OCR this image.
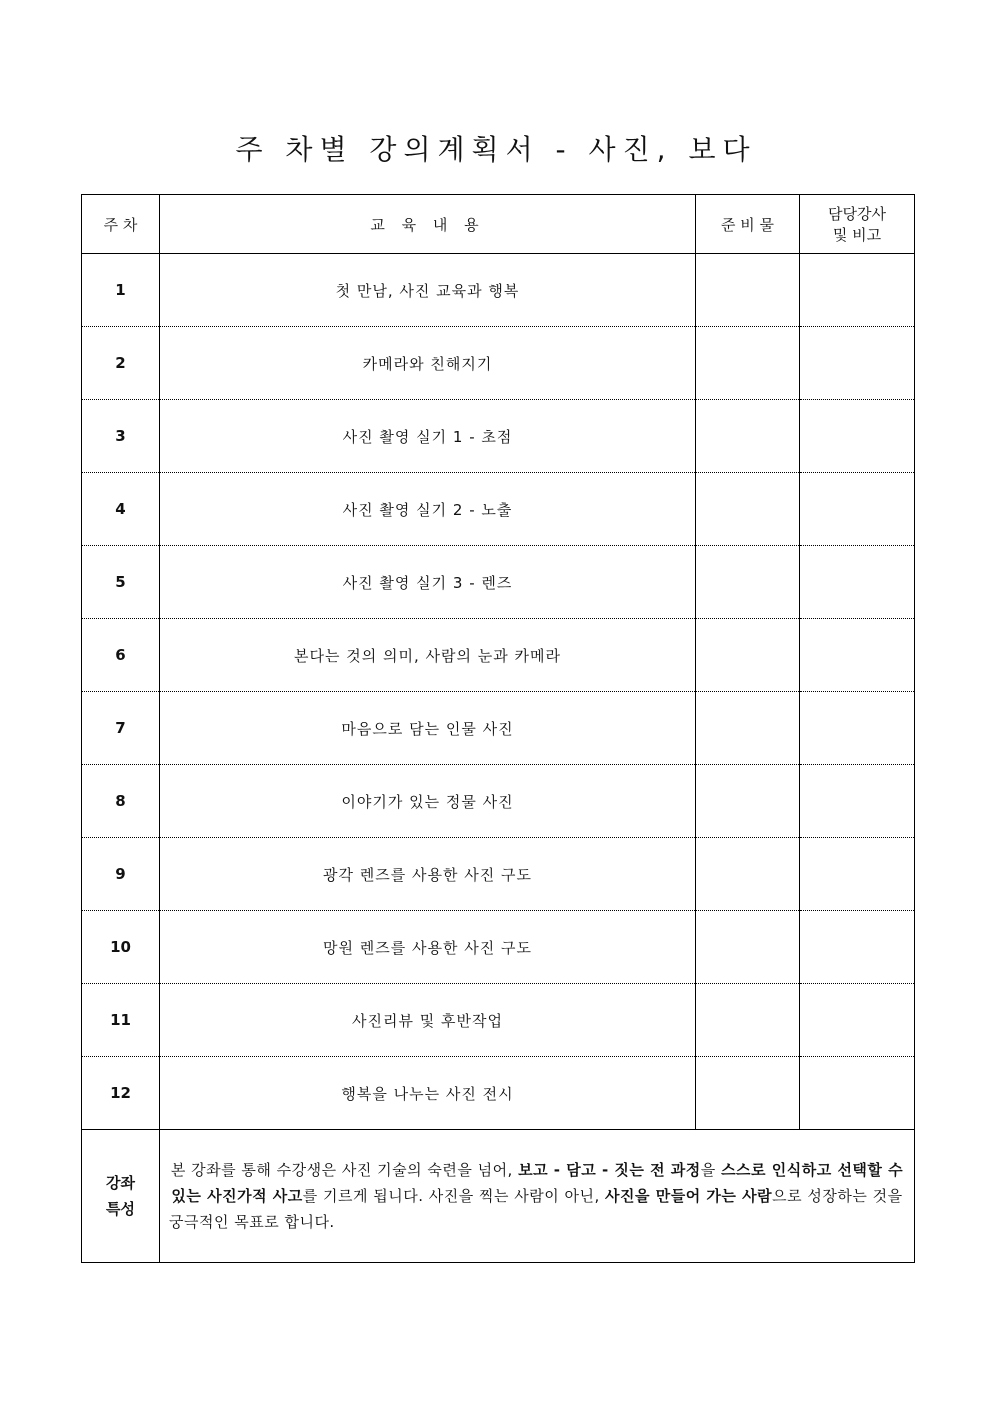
주 차별 강의계획서 - 사진, 보다
주 차	교 육 내 용	준 비 물	담당강사
및 비고

1	첫 만남, 사진 교육과 행복		
2	카메라와 친해지기		
3	사진 촬영 실기 1 - 초점		
4	사진 촬영 실기 2 - 노출		
5	사진 촬영 실기 3 - 렌즈		
6	본다는 것의 의미, 사람의 눈과 카메라		
7	마음으로 담는 인물 사진		
8	이야기가 있는 정물 사진		
9	광각 렌즈를 사용한 사진 구도		
10	망원 렌즈를 사용한 사진 구도		
11	사진리뷰 및 후반작업		
12	행복을 나누는 사진 전시		

강좌
특성	본 강좌를 통해 수강생은 사진 기술의 숙련을 넘어, 보고 - 담고 - 짓는 전 과정을 스스로 인식하고 선택할 수 있는 사진가적 사고를 기르게 됩니다. 사진을 찍는 사람이 아닌, 사진을 만들어 가는 사람으로 성장하는 것을 궁극적인 목표로 합니다.		
